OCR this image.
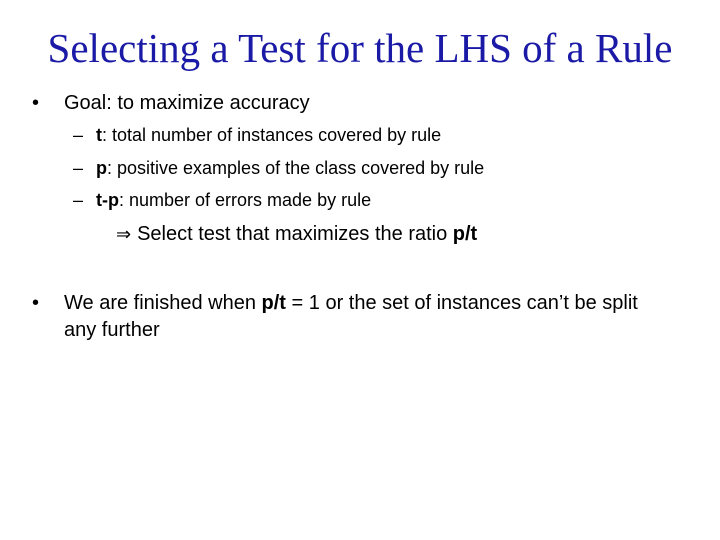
Selecting a Test for the LHS of a Rule
• Goal: to maximize accuracy
– t: total number of instances covered by rule
– p: positive examples of the class covered by rule
– t-p: number of errors made by rule
⇒ Select test that maximizes the ratio p/t
• We are finished when p/t = 1 or the set of instances can’t be split any further
